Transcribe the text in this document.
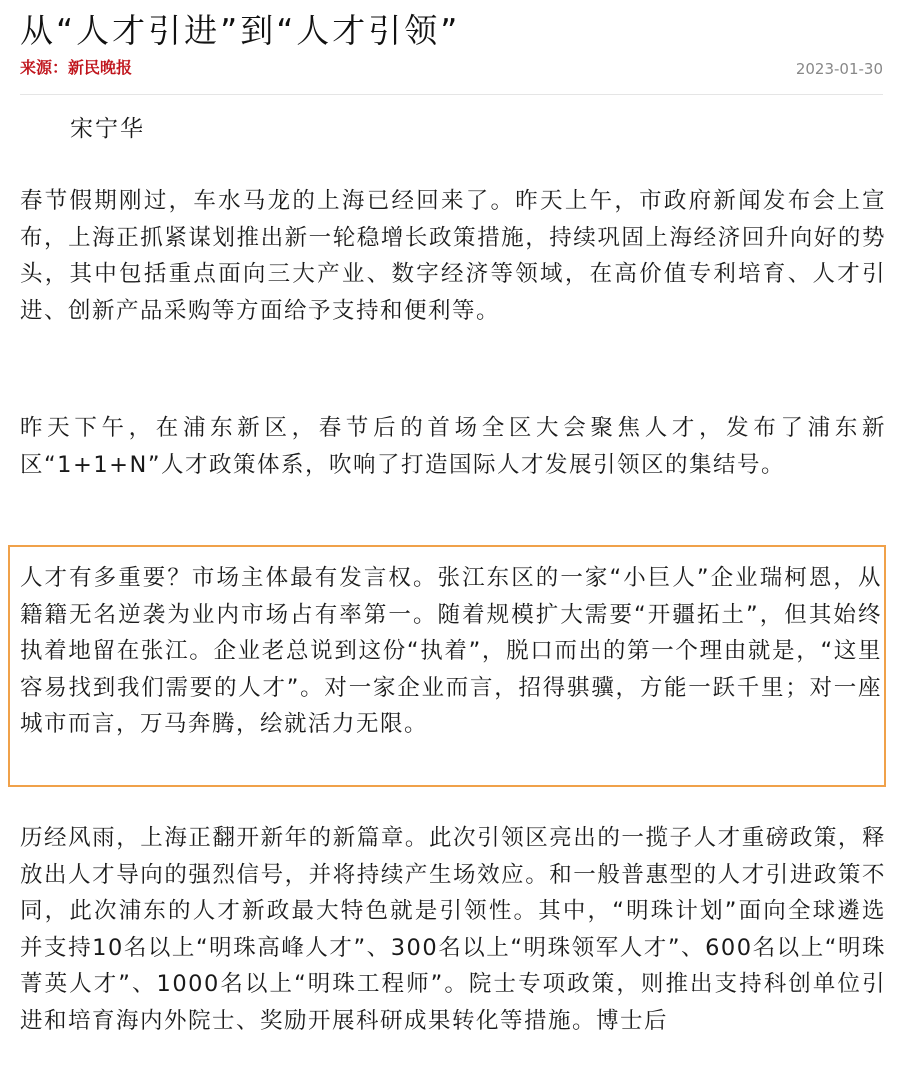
从“人才引进”到“人才引领”
来源：新民晚报	2023-01-30
宋宁华

春节假期刚过，车水马龙的上海已经回来了。昨天上午，市政府新闻发布会上宣布，上海正抓紧谋划推出新一轮稳增长政策措施，持续巩固上海经济回升向好的势头，其中包括重点面向三大产业、数字经济等领域，在高价值专利培育、人才引进、创新产品采购等方面给予支持和便利等。

昨天下午，在浦东新区，春节后的首场全区大会聚焦人才，发布了浦东新区“1+1+N”人才政策体系，吹响了打造国际人才发展引领区的集结号。

人才有多重要？市场主体最有发言权。张江东区的一家“小巨人”企业瑞柯恩，从籍籍无名逆袭为业内市场占有率第一。随着规模扩大需要“开疆拓土”，但其始终执着地留在张江。企业老总说到这份“执着”，脱口而出的第一个理由就是，“这里容易找到我们需要的人才”。对一家企业而言，招得骐骥，方能一跃千里；对一座城市而言，万马奔腾，绘就活力无限。

历经风雨，上海正翻开新年的新篇章。此次引领区亮出的一揽子人才重磅政策，释放出人才导向的强烈信号，并将持续产生场效应。和一般普惠型的人才引进政策不同，此次浦东的人才新政最大特色就是引领性。其中，“明珠计划”面向全球遴选并支持10名以上“明珠高峰人才”、300名以上“明珠领军人才”、600名以上“明珠菁英人才”、1000名以上“明珠工程师”。院士专项政策，则推出支持科创单位引进和培育海内外院士、奖励开展科研成果转化等措施。博士后
